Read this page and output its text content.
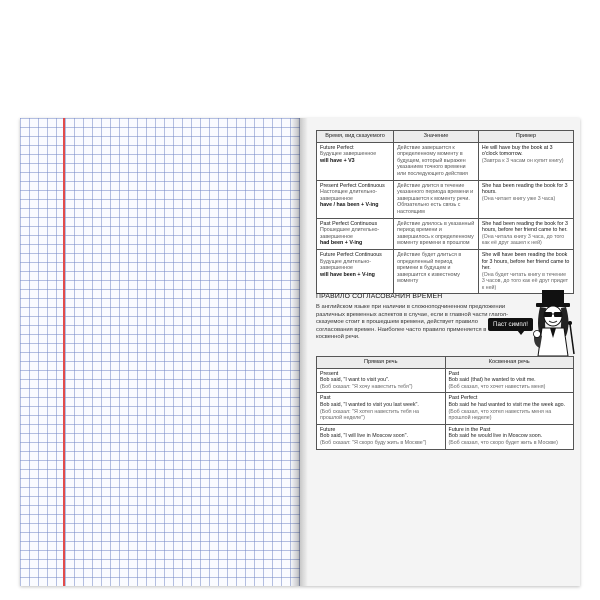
Время, вид сказуемого	Значение	Пример

Future Perfect
Будущее завершенное
will have + V3	Действие завершится к определенному моменту в будущем, который выражен указанием точного времени или последующего действия	He will have buy the book at 3 o'clock tomorrow.
(Завтра к 3 часам он купит книгу)

Present Perfect Continuous
Настоящее длительно-завершенное
have / has been + V-ing	Действие длится в течение указанного периода времени и завершается к моменту речи. Обязательно есть связь с настоящим	She has been reading the book for 3 hours.
(Она читает книгу уже 3 часа)

Past Perfect Continuous
Прошедшее длительно-завершенное
had been + V-ing	Действие длилось в указанный период времени и завершилось к определенному моменту времени в прошлом	She had been reading the book for 3 hours, before her friend came to her.
(Она читала книгу 3 часа, до того как её друг зашел к ней)

Future Perfect Continuous
Будущее длительно-завершенное
will have been + V-ing	Действие будет длиться в определенный период времени в будущем и завершится к известному моменту	She will have been reading the book for 3 hours, before her friend came to her.
(Она будет читать книгу в течение 3 часов, до того как её друг придет к ней)
ПРАВИЛО СОГЛАСОВАНИЯ ВРЕМЕН
В английском языке при наличии в сложноподчиненном предложении различных временных аспектов в случае, если в главной части глагол-сказуемое стоит в прошедшем времени, действует правило согласования времен. Наиболее часто правило применяется в косвенной речи.
Паст симпл!
Прямая речь	Косвенная речь

Present
Bob said, "I want to visit you".
(Боб сказал: "Я хочу навестить тебя")	Past
Bob said (that) he wanted to visit me.
(Боб сказал, что хочет навестить меня)

Past
Bob said, "I wanted to visit you last week".
(Боб сказал: "Я хотел навестить тебя на прошлой неделе")	Past Perfect
Bob said he had wanted to visit me the week ago.
(Боб сказал, что хотел навестить меня на прошлой неделе)

Future
Bob said, "I will live in Moscow soon".
(Боб сказал: "Я скоро буду жить в Москве")	Future in the Past
Bob said he would live in Moscow soon.
(Боб сказал, что скоро будет жить в Москве)
